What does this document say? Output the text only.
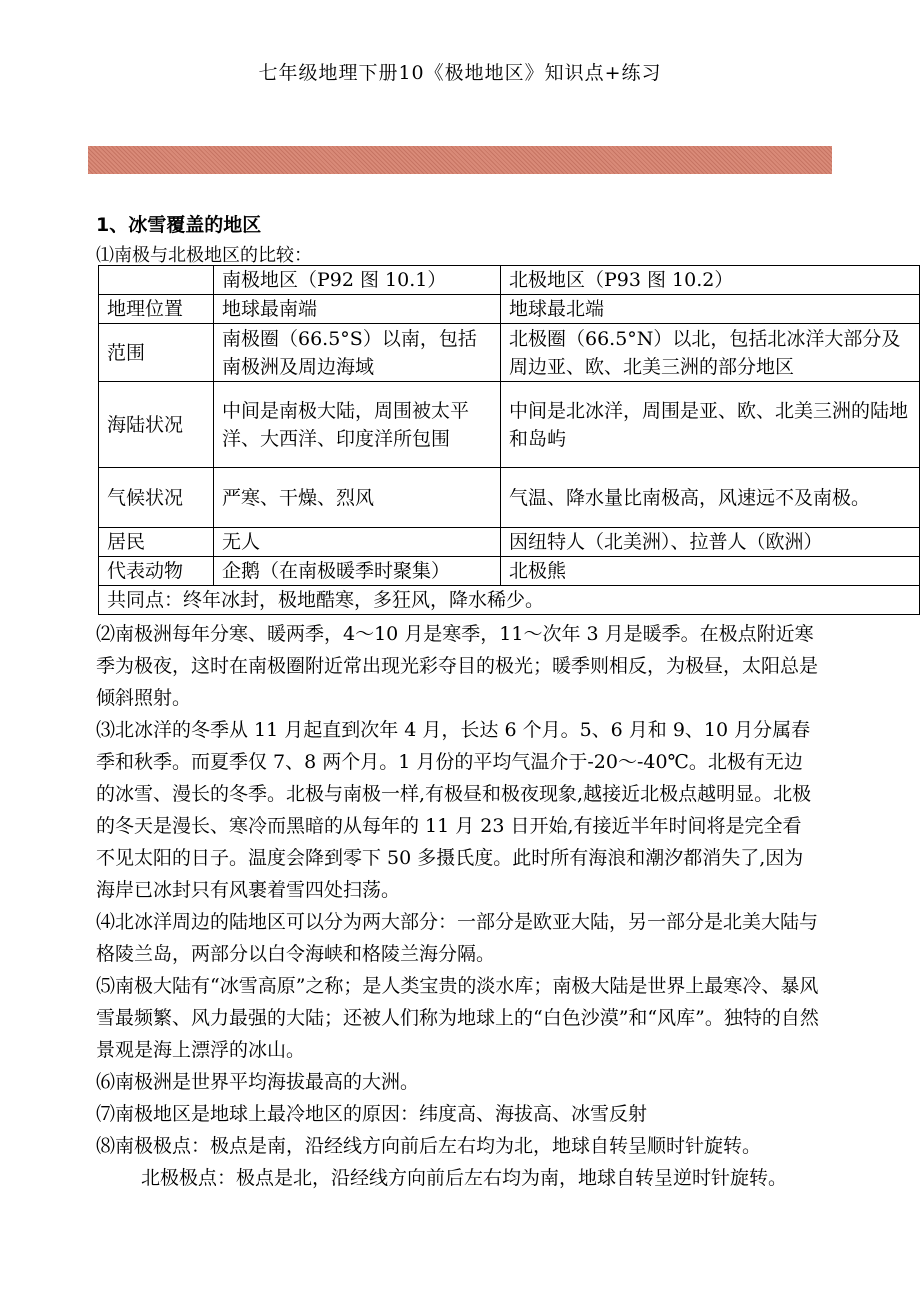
七年级地理下册10《极地地区》知识点+练习
1、冰雪覆盖的地区
⑴南极与北极地区的比较：
	南极地区（P92 图 10.1）	北极地区（P93 图 10.2）
地理位置	地球最南端	地球最北端
范围	南极圈（66.5°S）以南，包括南极洲及周边海域	北极圈（66.5°N）以北，包括北冰洋大部分及周边亚、欧、北美三洲的部分地区
海陆状况	中间是南极大陆，周围被太平洋、大西洋、印度洋所包围	中间是北冰洋，周围是亚、欧、北美三洲的陆地和岛屿
气候状况	严寒、干燥、烈风	气温、降水量比南极高，风速远不及南极。
居民	无人	因纽特人（北美洲）、拉普人（欧洲）
代表动物	企鹅（在南极暖季时聚集）	北极熊
共同点：终年冰封，极地酷寒，多狂风，降水稀少。		

⑵南极洲每年分寒、暖两季，4～10 月是寒季，11～次年 3 月是暖季。在极点附近寒季为极夜，这时在南极圈附近常出现光彩夺目的极光；暖季则相反，为极昼，太阳总是倾斜照射。

⑶北冰洋的冬季从 11 月起直到次年 4 月，长达 6 个月。5、6 月和 9、10 月分属春季和秋季。而夏季仅 7、8 两个月。1 月份的平均气温介于-20～-40℃。北极有无边的冰雪、漫长的冬季。北极与南极一样,有极昼和极夜现象,越接近北极点越明显。北极的冬天是漫长、寒冷而黑暗的从每年的 11 月 23 日开始,有接近半年时间将是完全看不见太阳的日子。温度会降到零下 50 多摄氏度。此时所有海浪和潮汐都消失了,因为海岸已冰封只有风裹着雪四处扫荡。

⑷北冰洋周边的陆地区可以分为两大部分：一部分是欧亚大陆，另一部分是北美大陆与格陵兰岛，两部分以白令海峡和格陵兰海分隔。

⑸南极大陆有“冰雪高原”之称；是人类宝贵的淡水库；南极大陆是世界上最寒冷、暴风雪最频繁、风力最强的大陆；还被人们称为地球上的“白色沙漠”和“风库”。独特的自然景观是海上漂浮的冰山。

⑹南极洲是世界平均海拔最高的大洲。

⑺南极地区是地球上最冷地区的原因：纬度高、海拔高、冰雪反射

⑻南极极点：极点是南，沿经线方向前后左右均为北，地球自转呈顺时针旋转。

北极极点：极点是北，沿经线方向前后左右均为南，地球自转呈逆时针旋转。
